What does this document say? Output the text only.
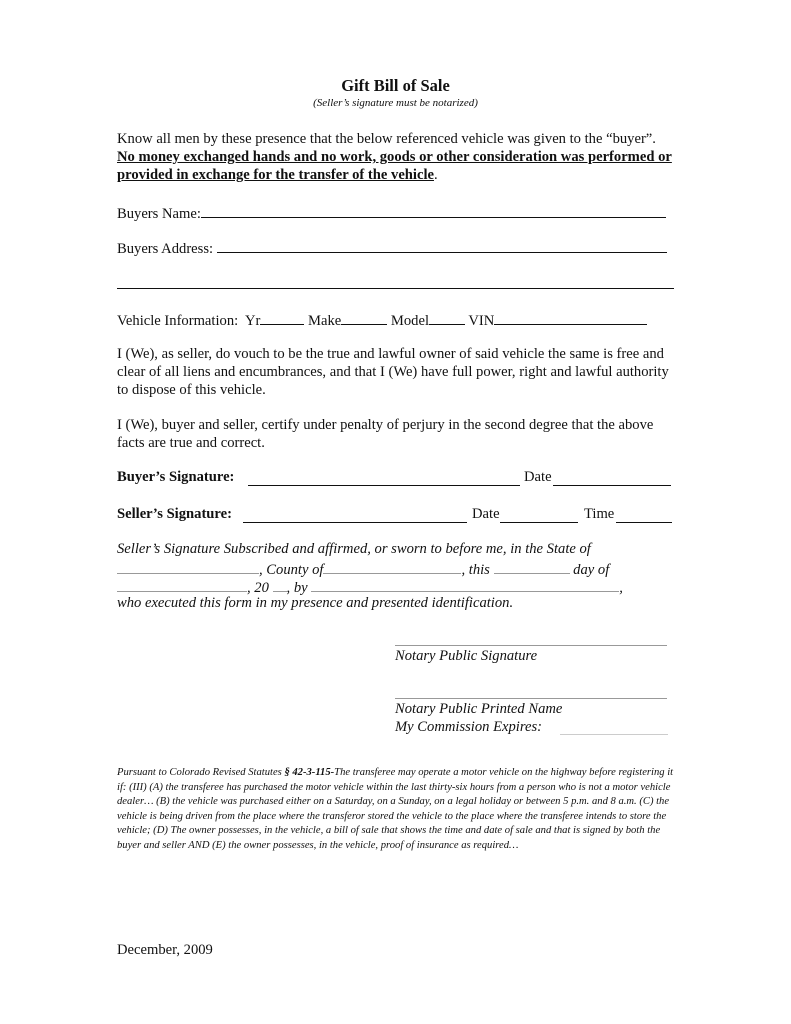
Gift Bill of Sale
(Seller’s signature must be notarized)
Know all men by these presence that the below referenced vehicle was given to the “buyer”. No money exchanged hands and no work, goods or other consideration was performed or provided in exchange for the transfer of the vehicle.
Buyers Name:
Buyers Address:
Vehicle Information: Yr	Make	Model	VIN
I (We), as seller, do vouch to be the true and lawful owner of said vehicle the same is free and clear of all liens and encumbrances, and that I (We) have full power, right and lawful authority to dispose of this vehicle.
I (We), buyer and seller, certify under penalty of perjury in the second degree that the above facts are true and correct.
Buyer’s Signature:	Date
Seller’s Signature:	Date	Time
Seller’s Signature Subscribed and affirmed, or sworn to before me, in the State of
, County of	, this	day of
, 20 , by	,
who executed this form in my presence and presented identification.
Notary Public Signature
Notary Public Printed Name
My Commission Expires:
Pursuant to Colorado Revised Statutes § 42-3-115-The transferee may operate a motor vehicle on the highway before registering it if: (III) (A) the transferee has purchased the motor vehicle within the last thirty-six hours from a person who is not a motor vehicle dealer… (B) the vehicle was purchased either on a Saturday, on a Sunday, on a legal holiday or between 5 p.m. and 8 a.m. (C) the vehicle is being driven from the place where the transferor stored the vehicle to the place where the transferee intends to store the vehicle; (D) The owner possesses, in the vehicle, a bill of sale that shows the time and date of sale and that is signed by both the buyer and seller AND (E) the owner possesses, in the vehicle, proof of insurance as required…
December, 2009
